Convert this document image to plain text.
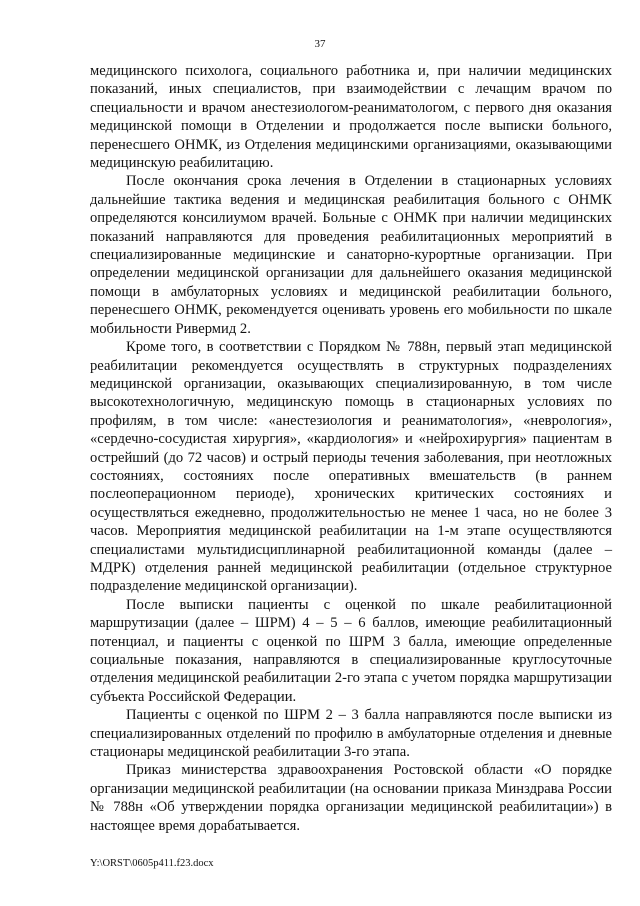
37

медицинского психолога, социального работника и, при наличии медицинских показаний, иных специалистов, при взаимодействии с лечащим врачом по специальности и врачом анестезиологом-реаниматологом, с первого дня оказания медицинской помощи в Отделении и продолжается после выписки больного, перенесшего ОНМК, из Отделения медицинскими организациями, оказывающими медицинскую реабилитацию.

После окончания срока лечения в Отделении в стационарных условиях дальнейшие тактика ведения и медицинская реабилитация больного с ОНМК определяются консилиумом врачей. Больные с ОНМК при наличии медицинских показаний направляются для проведения реабилитационных мероприятий в специализированные медицинские и санаторно-курортные организации. При определении медицинской организации для дальнейшего оказания медицинской помощи в амбулаторных условиях и медицинской реабилитации больного, перенесшего ОНМК, рекомендуется оценивать уровень его мобильности по шкале мобильности Ривермид 2.

Кроме того, в соответствии с Порядком № 788н, первый этап медицинской реабилитации рекомендуется осуществлять в структурных подразделениях медицинской организации, оказывающих специализированную, в том числе высокотехнологичную, медицинскую помощь в стационарных условиях по профилям, в том числе: «анестезиология и реаниматология», «неврология», «сердечно-сосудистая хирургия», «кардиология» и «нейрохирургия» пациентам в острейший (до 72 часов) и острый периоды течения заболевания, при неотложных состояниях, состояниях после оперативных вмешательств (в раннем послеоперационном периоде), хронических критических состояниях и осуществляться ежедневно, продолжительностью не менее 1 часа, но не более 3 часов. Мероприятия медицинской реабилитации на 1-м этапе осуществляются специалистами мультидисциплинарной реабилитационной команды (далее – МДРК) отделения ранней медицинской реабилитации (отдельное структурное подразделение медицинской организации).

После выписки пациенты с оценкой по шкале реабилитационной маршрутизации (далее – ШРМ) 4 – 5 – 6 баллов, имеющие реабилитационный потенциал, и пациенты с оценкой по ШРМ 3 балла, имеющие определенные социальные показания, направляются в специализированные круглосуточные отделения медицинской реабилитации 2-го этапа с учетом порядка маршрутизации субъекта Российской Федерации.

Пациенты с оценкой по ШРМ 2 – 3 балла направляются после выписки из специализированных отделений по профилю в амбулаторные отделения и дневные стационары медицинской реабилитации 3-го этапа.

Приказ министерства здравоохранения Ростовской области «О порядке организации медицинской реабилитации (на основании приказа Минздрава России № 788н «Об утверждении порядка организации медицинской реабилитации») в настоящее время дорабатывается.

Y:\ORST\0605p411.f23.docx
